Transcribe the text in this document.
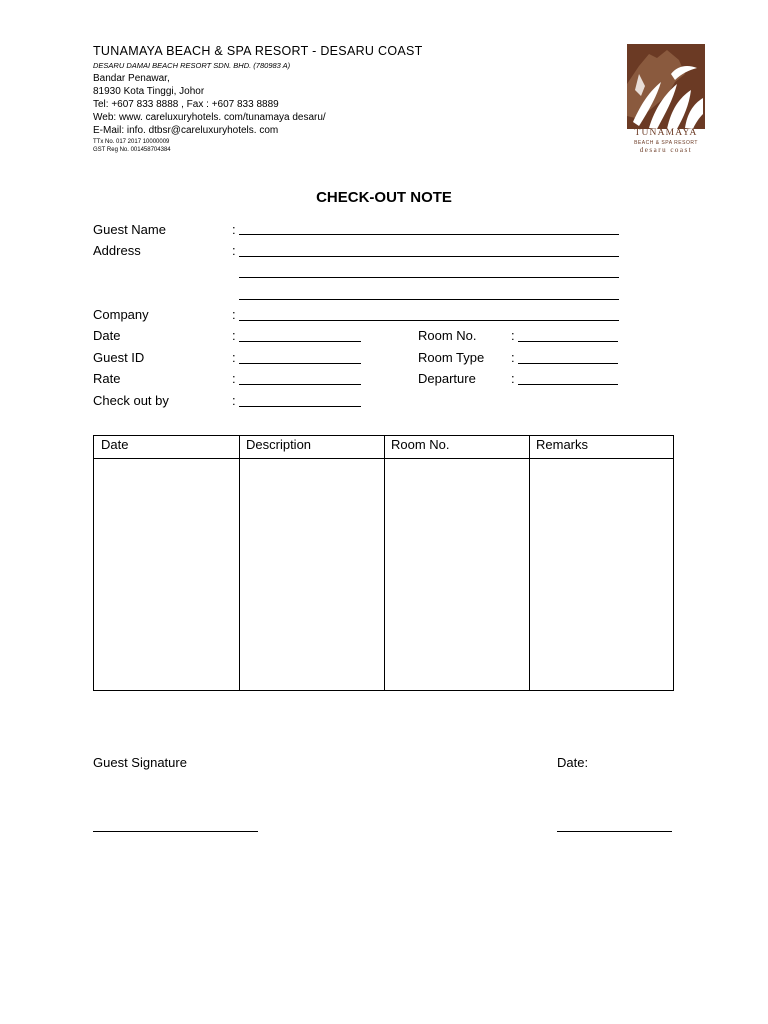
TUNAMAYA BEACH & SPA RESORT - DESARU COAST
DESARU DAMAI BEACH RESORT SDN. BHD. (780983 A)
Bandar Penawar,
81930 Kota Tinggi, Johor
Tel: +607 833 8888 , Fax : +607 833 8889
Web: www. careluxuryhotels. com/tunamaya desaru/
E-Mail: info. dtbsr@careluxuryhotels. com
TTx No. 017 2017 10000009
GST Reg No. 001458704384
TUNAMAYA
BEACH & SPA RESORT
desaru coast
CHECK-OUT NOTE
Guest Name	:
Address	:
Company	:
Date	:	Room No.	:
Guest ID	:	Room Type :
Rate	:	Departure	:
Check out by	:
Date	Description	Room No.	Remarks
Guest Signature	Date:
